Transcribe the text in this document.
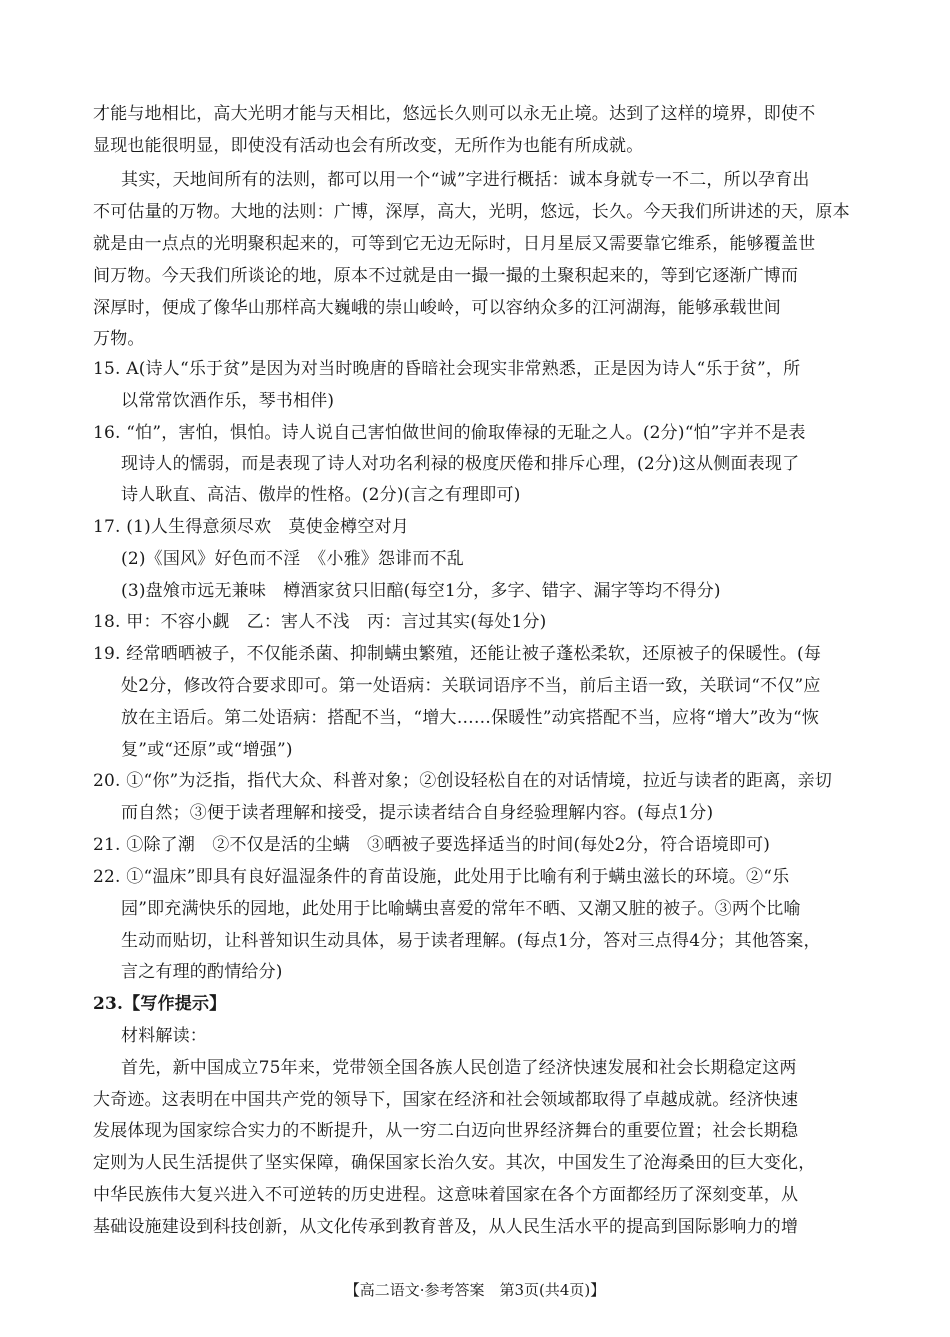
才能与地相比，高大光明才能与天相比，悠远长久则可以永无止境。达到了这样的境界，即使不
显现也能很明显，即使没有活动也会有所改变，无所作为也能有所成就。
其实，天地间所有的法则，都可以用一个“诚”字进行概括：诚本身就专一不二，所以孕育出
不可估量的万物。大地的法则：广博，深厚，高大，光明，悠远，长久。今天我们所讲述的天，原本
就是由一点点的光明聚积起来的，可等到它无边无际时，日月星辰又需要靠它维系，能够覆盖世
间万物。今天我们所谈论的地，原本不过就是由一撮一撮的土聚积起来的，等到它逐渐广博而
深厚时，便成了像华山那样高大巍峨的崇山峻岭，可以容纳众多的江河湖海，能够承载世间
万物。
15. A(诗人“乐于贫”是因为对当时晚唐的昏暗社会现实非常熟悉，正是因为诗人“乐于贫”，所
以常常饮酒作乐，琴书相伴)
16. “怕”，害怕，惧怕。诗人说自己害怕做世间的偷取俸禄的无耻之人。(2分)“怕”字并不是表
现诗人的懦弱，而是表现了诗人对功名利禄的极度厌倦和排斥心理，(2分)这从侧面表现了
诗人耿直、高洁、傲岸的性格。(2分)(言之有理即可)
17. (1)人生得意须尽欢　莫使金樽空对月
(2)《国风》好色而不淫　《小雅》怨诽而不乱
(3)盘飧市远无兼味　樽酒家贫只旧醅(每空1分，多字、错字、漏字等均不得分)
18. 甲：不容小觑　乙：害人不浅　丙：言过其实(每处1分)
19. 经常晒晒被子，不仅能杀菌、抑制螨虫繁殖，还能让被子蓬松柔软，还原被子的保暖性。(每
处2分，修改符合要求即可。第一处语病：关联词语序不当，前后主语一致，关联词“不仅”应
放在主语后。第二处语病：搭配不当，“增大……保暖性”动宾搭配不当，应将“增大”改为“恢
复”或“还原”或“增强”)
20. ①“你”为泛指，指代大众、科普对象；②创设轻松自在的对话情境，拉近与读者的距离，亲切
而自然；③便于读者理解和接受，提示读者结合自身经验理解内容。(每点1分)
21. ①除了潮　②不仅是活的尘螨　③晒被子要选择适当的时间(每处2分，符合语境即可)
22. ①“温床”即具有良好温湿条件的育苗设施，此处用于比喻有利于螨虫滋长的环境。②“乐
园”即充满快乐的园地，此处用于比喻螨虫喜爱的常年不晒、又潮又脏的被子。③两个比喻
生动而贴切，让科普知识生动具体，易于读者理解。(每点1分，答对三点得4分；其他答案，
言之有理的酌情给分)
23.【写作提示】
材料解读：
首先，新中国成立75年来，党带领全国各族人民创造了经济快速发展和社会长期稳定这两
大奇迹。这表明在中国共产党的领导下，国家在经济和社会领域都取得了卓越成就。经济快速
发展体现为国家综合实力的不断提升，从一穷二白迈向世界经济舞台的重要位置；社会长期稳
定则为人民生活提供了坚实保障，确保国家长治久安。其次，中国发生了沧海桑田的巨大变化，
中华民族伟大复兴进入不可逆转的历史进程。这意味着国家在各个方面都经历了深刻变革，从
基础设施建设到科技创新，从文化传承到教育普及，从人民生活水平的提高到国际影响力的增
【高二语文·参考答案　第3页(共4页)】
